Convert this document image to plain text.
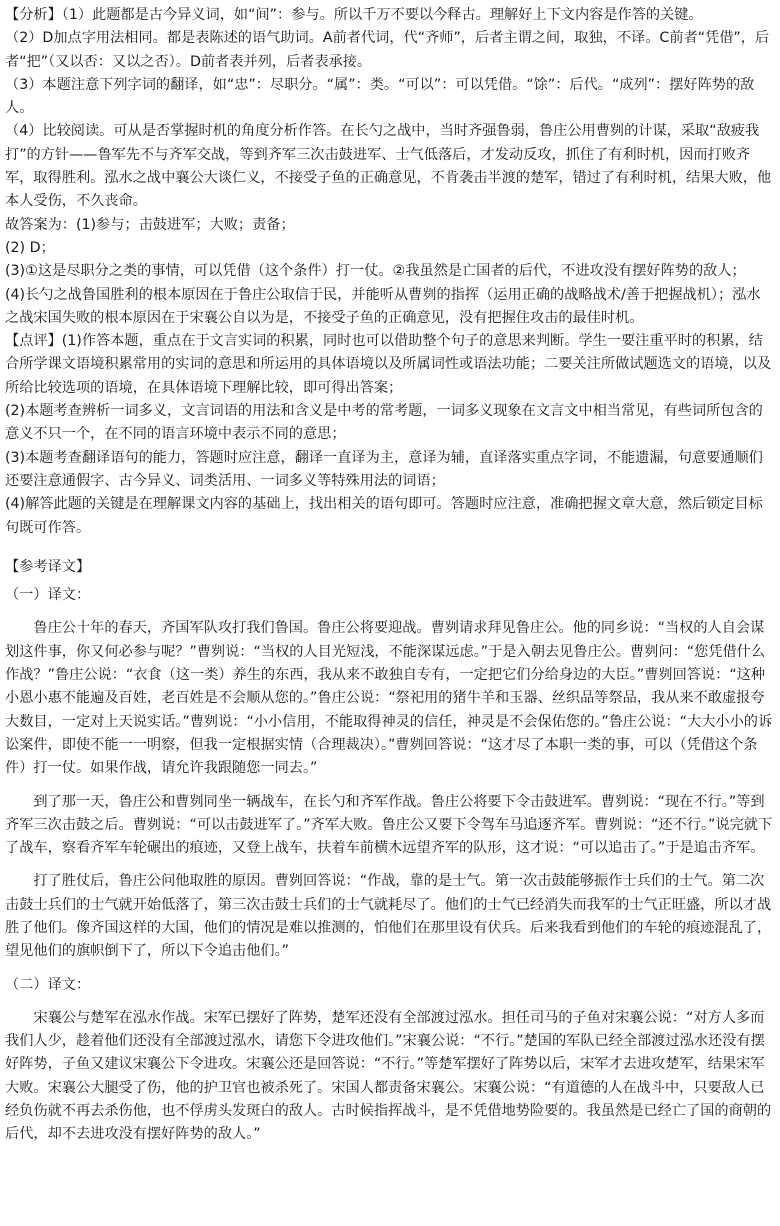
【分析】（1）此题都是古今异义词，如“间”：参与。所以千万不要以今释古。理解好上下文内容是作答的关键。

（2）D加点字用法相同。都是表陈述的语气助词。A前者代词，代“齐师”，后者主谓之间，取独，不译。C前者“凭借”，后者“把”（又以否：又以之否）。D前者表并列，后者表承接。

（3）本题注意下列字词的翻译，如“忠”：尽职分。“属”：类。“可以”：可以凭借。“馀”：后代。“成列”：摆好阵势的敌人。

（4）比较阅读。可从是否掌握时机的角度分析作答。在长勺之战中，当时齐强鲁弱，鲁庄公用曹刿的计谋，采取“敌疲我打”的方针——鲁军先不与齐军交战，等到齐军三次击鼓进军、士气低落后，才发动反攻，抓住了有利时机，因而打败齐军，取得胜利。泓水之战中襄公大谈仁义，不接受子鱼的正确意见，不肯袭击半渡的楚军，错过了有利时机，结果大败，他本人受伤，不久丧命。

故答案为：(1)参与；击鼓进军；大败；责备；

(2) D；

(3)①这是尽职分之类的事情，可以凭借（这个条件）打一仗。②我虽然是亡国者的后代，不进攻没有摆好阵势的敌人；

(4)长勺之战鲁国胜利的根本原因在于鲁庄公取信于民，并能听从曹刿的指挥（运用正确的战略战术/善于把握战机）；泓水之战宋国失败的根本原因在于宋襄公自以为是，不接受子鱼的正确意见，没有把握住攻击的最佳时机。

【点评】(1)作答本题，重点在于文言实词的积累，同时也可以借助整个句子的意思来判断。学生一要注重平时的积累，结合所学课文语境积累常用的实词的意思和所运用的具体语境以及所属词性或语法功能；二要关注所做试题选文的语境，以及所给比较选项的语境，在具体语境下理解比较，即可得出答案；

(2)本题考查辨析一词多义，文言词语的用法和含义是中考的常考题，一词多义现象在文言文中相当常见，有些词所包含的意义不只一个，在不同的语言环境中表示不同的意思；

(3)本题考查翻译语句的能力，答题时应注意，翻译一直译为主，意译为辅，直译落实重点字词，不能遗漏，句意要通顺们还要注意通假字、古今异义、词类活用、一词多义等特殊用法的词语；

(4)解答此题的关键是在理解课文内容的基础上，找出相关的语句即可。答题时应注意，准确把握文章大意，然后锁定目标句既可作答。

【参考译文】

（一）译文：

鲁庄公十年的春天，齐国军队攻打我们鲁国。鲁庄公将要迎战。曹刿请求拜见鲁庄公。他的同乡说：“当权的人自会谋划这件事，你又何必参与呢？”曹刿说：“当权的人目光短浅，不能深谋远虑。”于是入朝去见鲁庄公。曹刿问：“您凭借什么作战？”鲁庄公说：“衣食（这一类）养生的东西，我从来不敢独自专有，一定把它们分给身边的大臣。”曹刿回答说：“这种小恩小惠不能遍及百姓，老百姓是不会顺从您的。”鲁庄公说：“祭祀用的猪牛羊和玉器、丝织品等祭品，我从来不敢虚报夸大数目，一定对上天说实话。”曹刿说：“小小信用，不能取得神灵的信任，神灵是不会保佑您的。”鲁庄公说：“大大小小的诉讼案件，即使不能一一明察，但我一定根据实情（合理裁决）。”曹刿回答说：“这才尽了本职一类的事，可以（凭借这个条件）打一仗。如果作战，请允许我跟随您一同去。”

到了那一天，鲁庄公和曹刿同坐一辆战车，在长勺和齐军作战。鲁庄公将要下令击鼓进军。曹刿说：“现在不行。”等到齐军三次击鼓之后。曹刿说：“可以击鼓进军了。”齐军大败。鲁庄公又要下令驾车马追逐齐军。曹刿说：“还不行。”说完就下了战车，察看齐军车轮碾出的痕迹，又登上战车，扶着车前横木远望齐军的队形，这才说：“可以追击了。”于是追击齐军。

打了胜仗后，鲁庄公问他取胜的原因。曹刿回答说：“作战，靠的是士气。第一次击鼓能够振作士兵们的士气。第二次击鼓士兵们的士气就开始低落了，第三次击鼓士兵们的士气就耗尽了。他们的士气已经消失而我军的士气正旺盛，所以才战胜了他们。像齐国这样的大国，他们的情况是难以推测的，怕他们在那里设有伏兵。后来我看到他们的车轮的痕迹混乱了，望见他们的旗帜倒下了，所以下令追击他们。”

（二）译文：

宋襄公与楚军在泓水作战。宋军已摆好了阵势，楚军还没有全部渡过泓水。担任司马的子鱼对宋襄公说：“对方人多而我们人少，趁着他们还没有全部渡过泓水，请您下令进攻他们。”宋襄公说：“不行。”楚国的军队已经全部渡过泓水还没有摆好阵势，子鱼又建议宋襄公下令进攻。宋襄公还是回答说：“不行。”等楚军摆好了阵势以后，宋军才去进攻楚军，结果宋军大败。宋襄公大腿受了伤，他的护卫官也被杀死了。宋国人都责备宋襄公。宋襄公说：“有道德的人在战斗中，只要敌人已经负伤就不再去杀伤他，也不俘虏头发斑白的敌人。古时候指挥战斗，是不凭借地势险要的。我虽然是已经亡了国的商朝的后代，却不去进攻没有摆好阵势的敌人。”
